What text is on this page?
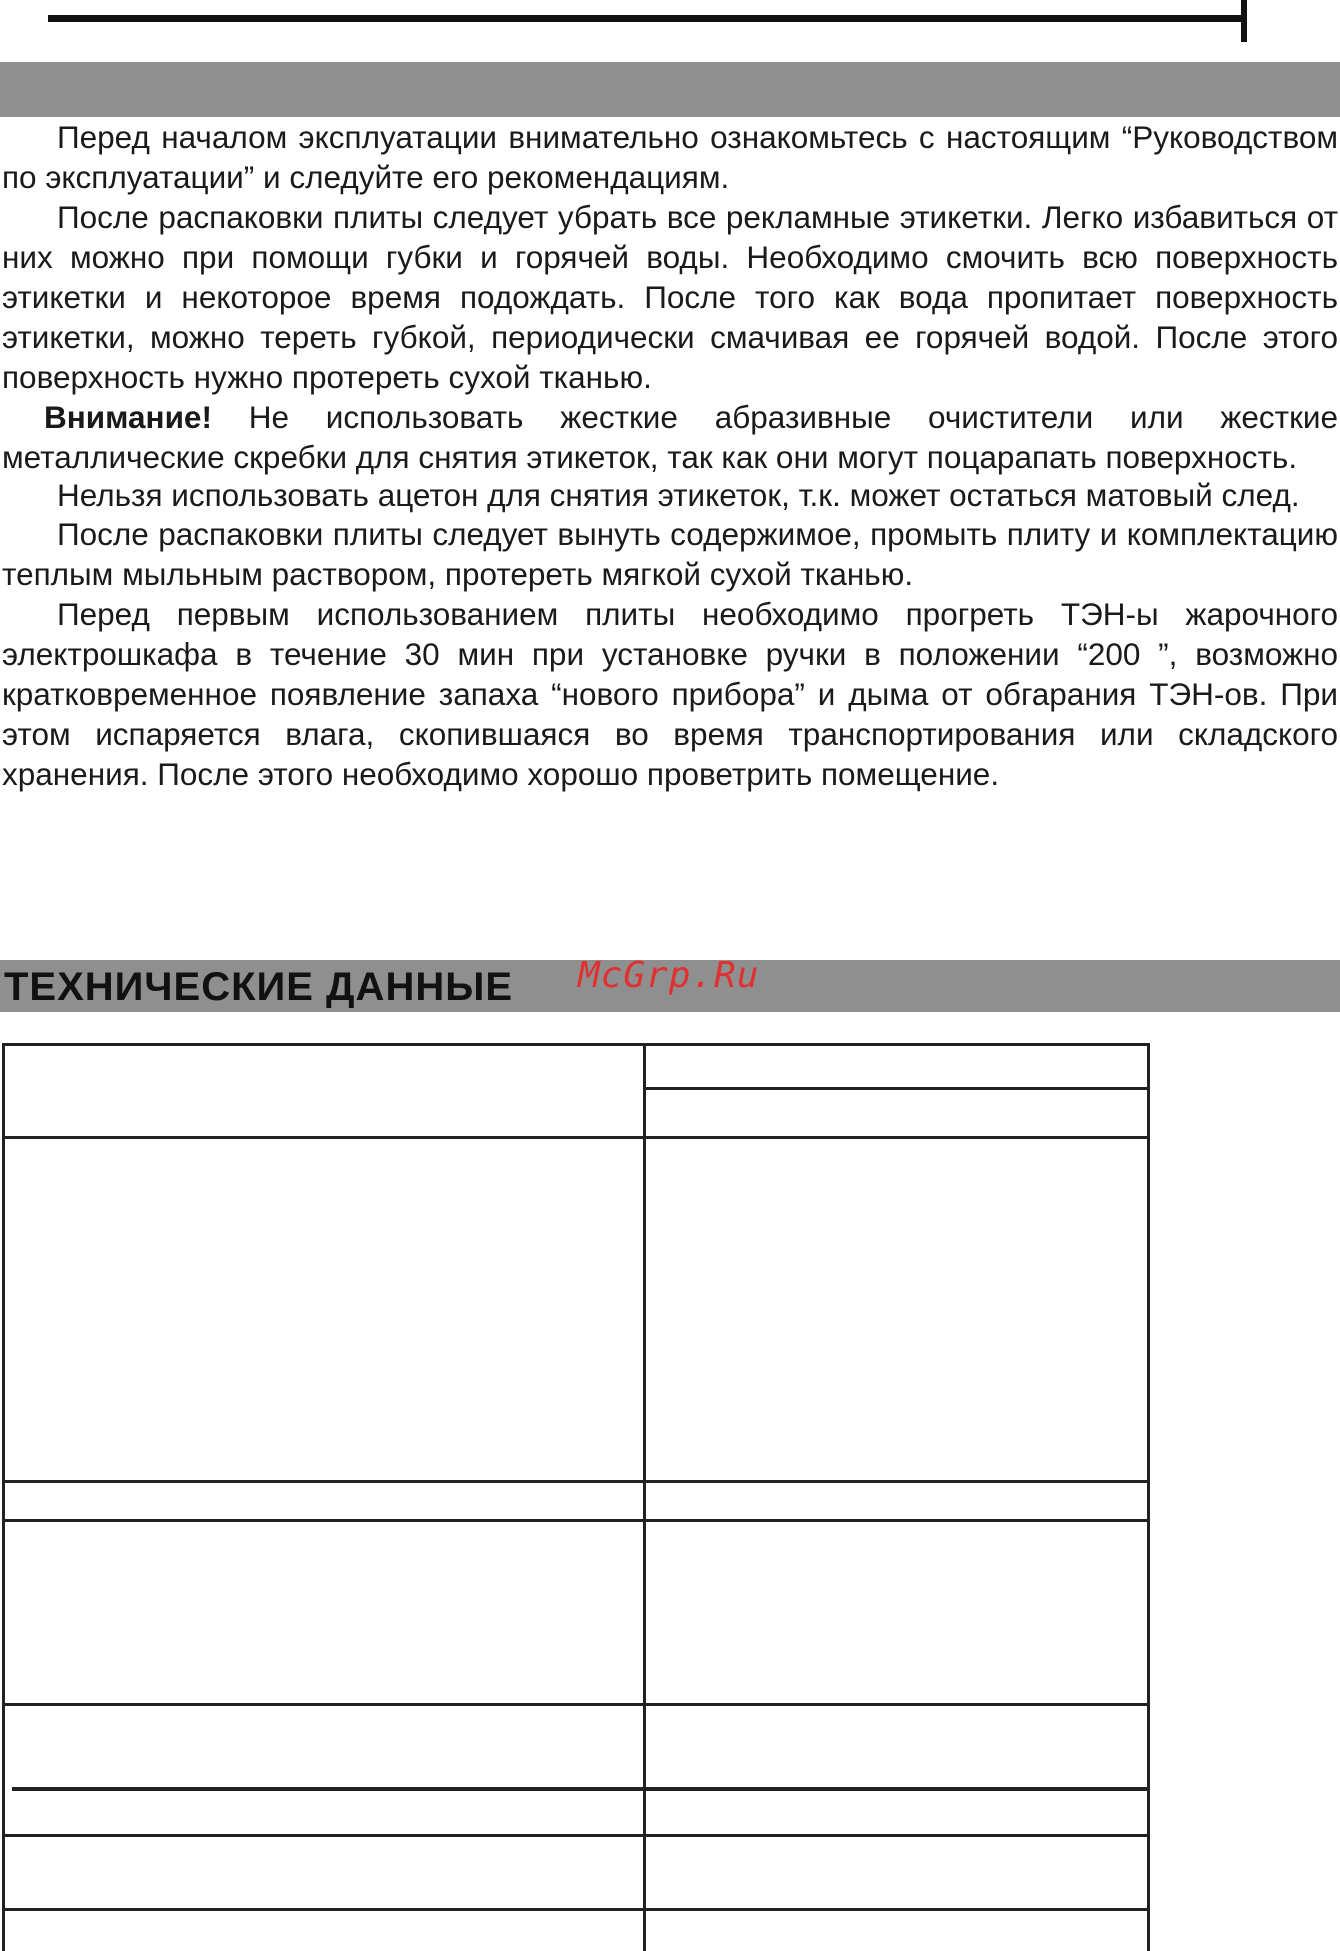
Перед началом эксплуатации внимательно ознакомьтесь с настоящим “Руководством по эксплуатации” и следуйте его рекомендациям.

После распаковки плиты следует убрать все рекламные этикетки. Легко избавиться от них можно при помощи губки и горячей воды. Необходимо смочить всю поверхность этикетки и некоторое время подождать. После того как вода пропитает поверхность этикетки, можно тереть губкой, периодически смачивая ее горячей водой. После этого поверхность нужно протереть сухой тканью.

Внимание! Не использовать жесткие абразивные очистители или жесткие металлические скребки для снятия этикеток, так как они могут поцарапать поверхность.

Нельзя использовать ацетон для снятия этикеток, т.к. может остаться матовый след.

После распаковки плиты следует вынуть содержимое, промыть плиту и комплектацию теплым мыльным раствором, протереть мягкой сухой тканью.

Перед первым использованием плиты необходимо прогреть ТЭН-ы жарочного электрошкафа в течение 30 мин при установке ручки в положении “200 ”, возможно кратковременное появление запаха “нового прибора” и дыма от обгарания ТЭН-ов. При этом испаряется влага, скопившаяся во время транспортирования или складского хранения. После этого необходимо хорошо проветрить помещение.

ТЕХНИЧЕСКИЕ ДАННЫЕ McGrp.Ru
